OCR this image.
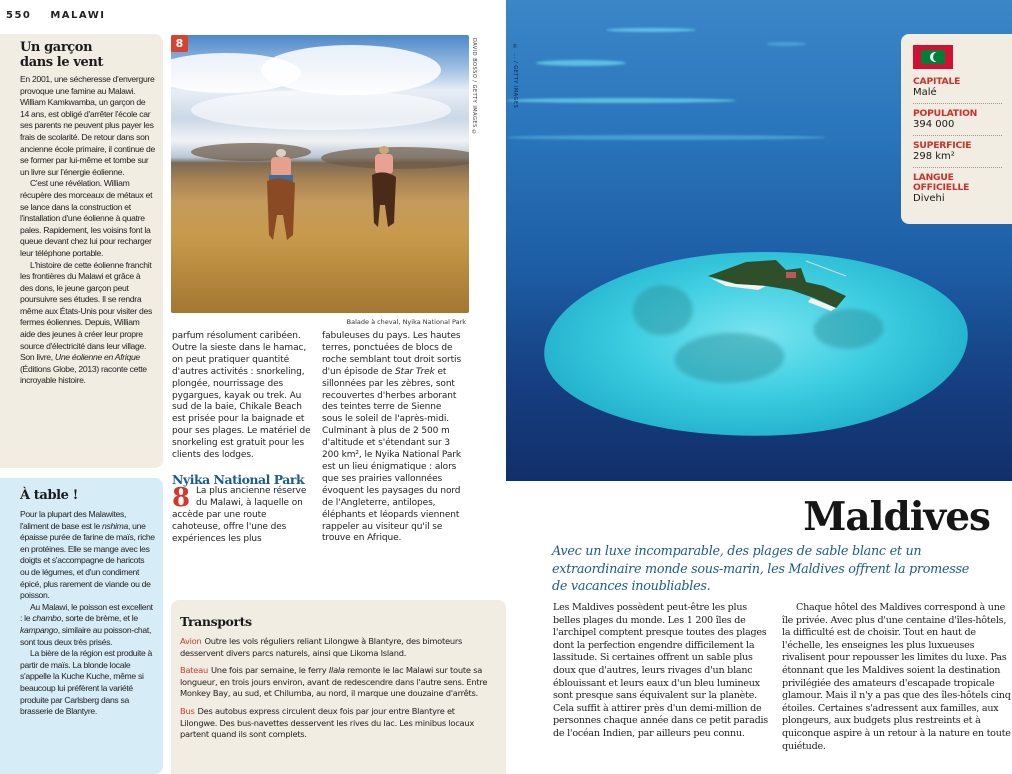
550 MALAWI
Un garçon dans le vent

En 2001, une sécheresse d'envergure provoque une famine au Malawi. William Kamkwamba, un garçon de 14 ans, est obligé d'arrêter l'école car ses parents ne peuvent plus payer les frais de scolarité. De retour dans son ancienne école primaire, il continue de se former par lui-même et tombe sur un livre sur l'énergie éolienne.

C'est une révélation. William récupère des morceaux de métaux et se lance dans la construction et l'installation d'une éolienne à quatre pales. Rapidement, les voisins font la queue devant chez lui pour recharger leur téléphone portable.

L'histoire de cette éolienne franchit les frontières du Malawi et grâce à des dons, le jeune garçon peut poursuivre ses études. Il se rendra même aux États-Unis pour visiter des fermes éoliennes. Depuis, William aide des jeunes à créer leur propre source d'électricité dans leur village. Son livre, Une éolienne en Afrique (Éditions Globe, 2013) raconte cette incroyable histoire.

À table !

Pour la plupart des Malawites, l'aliment de base est le nshima, une épaisse purée de farine de maïs, riche en protéines. Elle se mange avec les doigts et s'accompagne de haricots ou de légumes, et d'un condiment épicé, plus rarement de viande ou de poisson.

Au Malawi, le poisson est excellent : le chambo, sorte de brème, et le kampango, similaire au poisson-chat, sont tous deux très prisés.

La bière de la région est produite à partir de maïs. La blonde locale s'appelle la Kuche Kuche, même si beaucoup lui préfèrent la variété produite par Carlsberg dans sa brasserie de Blantyre.

8	DAVID BOSSO / GETTY IMAGES ©
Balade à cheval, Nyika National Park

parfum résolument caribéen. Outre la sieste dans le hamac, on peut pratiquer quantité d'autres activités : snorkeling, plongée, nourrissage des pygargues, kayak ou trek. Au sud de la baie, Chikale Beach est prisée pour la baignade et pour ses plages. Le matériel de snorkeling est gratuit pour les clients des lodges.

Nyika National Park

8 La plus ancienne réserve du Malawi, à laquelle on accède par une route cahoteuse, offre l'une des expériences les plus

fabuleuses du pays. Les hautes terres, ponctuées de blocs de roche semblant tout droit sortis d'un épisode de Star Trek et sillonnées par les zèbres, sont recouvertes d'herbes arborant des teintes terre de Sienne sous le soleil de l'après-midi. Culminant à plus de 2 500 m d'altitude et s'étendant sur 3 200 km², le Nyika National Park est un lieu énigmatique : alors que ses prairies vallonnées évoquent les paysages du nord de l'Angleterre, antilopes, éléphants et léopards viennent rappeler au visiteur qu'il se trouve en Afrique.

Transports
Avion Outre les vols réguliers reliant Lilongwe à Blantyre, des bimoteurs desservent divers parcs naturels, ainsi que Likoma Island.
Bateau Une fois par semaine, le ferry Ilala remonte le lac Malawi sur toute sa longueur, en trois jours environ, avant de redescendre dans l'autre sens. Entre Monkey Bay, au sud, et Chilumba, au nord, il marque une douzaine d'arrêts.
Bus Des autobus express circulent deux fois par jour entre Blantyre et Lilongwe. Des bus-navettes desservent les rives du lac. Les minibus locaux partent quand ils sont complets.
© ... / GETTY IMAGES	CAPITALE
Malé
POPULATION
394 000
SUPERFICIE
298 km²
LANGUE OFFICIELLE
Divehi
Maldives
Avec un luxe incomparable, des plages de sable blanc et un extraordinaire monde sous-marin, les Maldives offrent la promesse de vacances inoubliables.
Les Maldives possèdent peut-être les plus belles plages du monde. Les 1 200 îles de l'archipel comptent presque toutes des plages dont la perfection engendre difficilement la lassitude. Si certaines offrent un sable plus doux que d'autres, leurs rivages d'un blanc éblouissant et leurs eaux d'un bleu lumineux sont presque sans équivalent sur la planète. Cela suffit à attirer près d'un demi-million de personnes chaque année dans ce petit paradis de l'océan Indien, par ailleurs peu connu.
Chaque hôtel des Maldives correspond à une île privée. Avec plus d'une centaine d'îles-hôtels, la difficulté est de choisir. Tout en haut de l'échelle, les enseignes les plus luxueuses rivalisent pour repousser les limites du luxe. Pas étonnant que les Maldives soient la destination privilégiée des amateurs d'escapade tropicale glamour. Mais il n'y a pas que des îles-hôtels cinq étoiles. Certaines s'adressent aux familles, aux plongeurs, aux budgets plus restreints et à quiconque aspire à un retour à la nature en toute quiétude.
